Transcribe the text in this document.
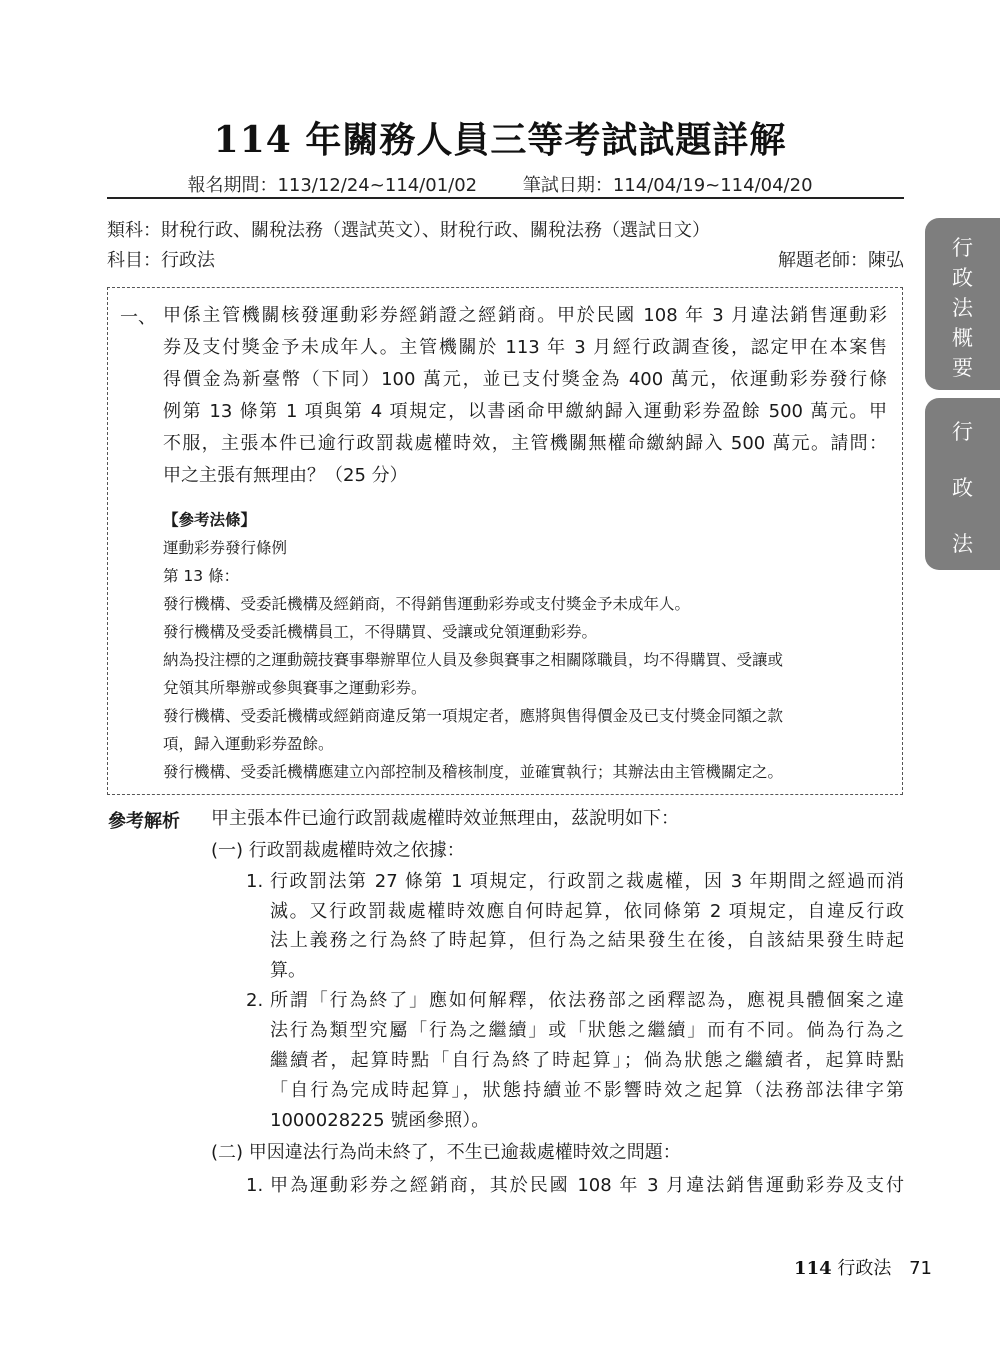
114 年關務人員三等考試試題詳解
報名期間：113/12/24~114/01/02	筆試日期：114/04/19~114/04/20
類科：財稅行政、關稅法務（選試英文）、財稅行政、關稅法務（選試日文）
科目：行政法	解題老師：陳弘
一、 甲係主管機關核發運動彩券經銷證之經銷商。甲於民國 108 年 3 月違法銷售運動彩
券及支付獎金予未成年人。主管機關於 113 年 3 月經行政調查後，認定甲在本案售
得價金為新臺幣（下同）100 萬元，並已支付獎金為 400 萬元，依運動彩券發行條
例第 13 條第 1 項與第 4 項規定，以書函命甲繳納歸入運動彩券盈餘 500 萬元。甲
不服，主張本件已逾行政罰裁處權時效，主管機關無權命繳納歸入 500 萬元。請問：
甲之主張有無理由？（25 分）
【參考法條】
運動彩券發行條例
第 13 條：
發行機構、受委託機構及經銷商，不得銷售運動彩券或支付獎金予未成年人。
發行機構及受委託機構員工，不得購買、受讓或兌領運動彩券。
納為投注標的之運動競技賽事舉辦單位人員及參與賽事之相關隊職員，均不得購買、受讓或
兌領其所舉辦或參與賽事之運動彩券。
發行機構、受委託機構或經銷商違反第一項規定者，應將與售得價金及已支付獎金同額之款
項，歸入運動彩券盈餘。
發行機構、受委託機構應建立內部控制及稽核制度，並確實執行；其辦法由主管機關定之。
參考解析 甲主張本件已逾行政罰裁處權時效並無理由，茲說明如下：
(一) 行政罰裁處權時效之依據：
1. 行政罰法第 27 條第 1 項規定，行政罰之裁處權，因 3 年期間之經過而消
滅。又行政罰裁處權時效應自何時起算，依同條第 2 項規定，自違反行政
法上義務之行為終了時起算，但行為之結果發生在後，自該結果發生時起
算。
2. 所謂「行為終了」應如何解釋，依法務部之函釋認為，應視具體個案之違
法行為類型究屬「行為之繼續」或「狀態之繼續」而有不同。倘為行為之
繼續者，起算時點「自行為終了時起算」；倘為狀態之繼續者，起算時點
「自行為完成時起算」，狀態持續並不影響時效之起算（法務部法律字第
1000028225 號函參照）。
(二) 甲因違法行為尚未終了，不生已逾裁處權時效之問題：
1. 甲為運動彩券之經銷商，其於民國 108 年 3 月違法銷售運動彩券及支付
行
政
法
概
要
行
政
法
114 行政法 71
